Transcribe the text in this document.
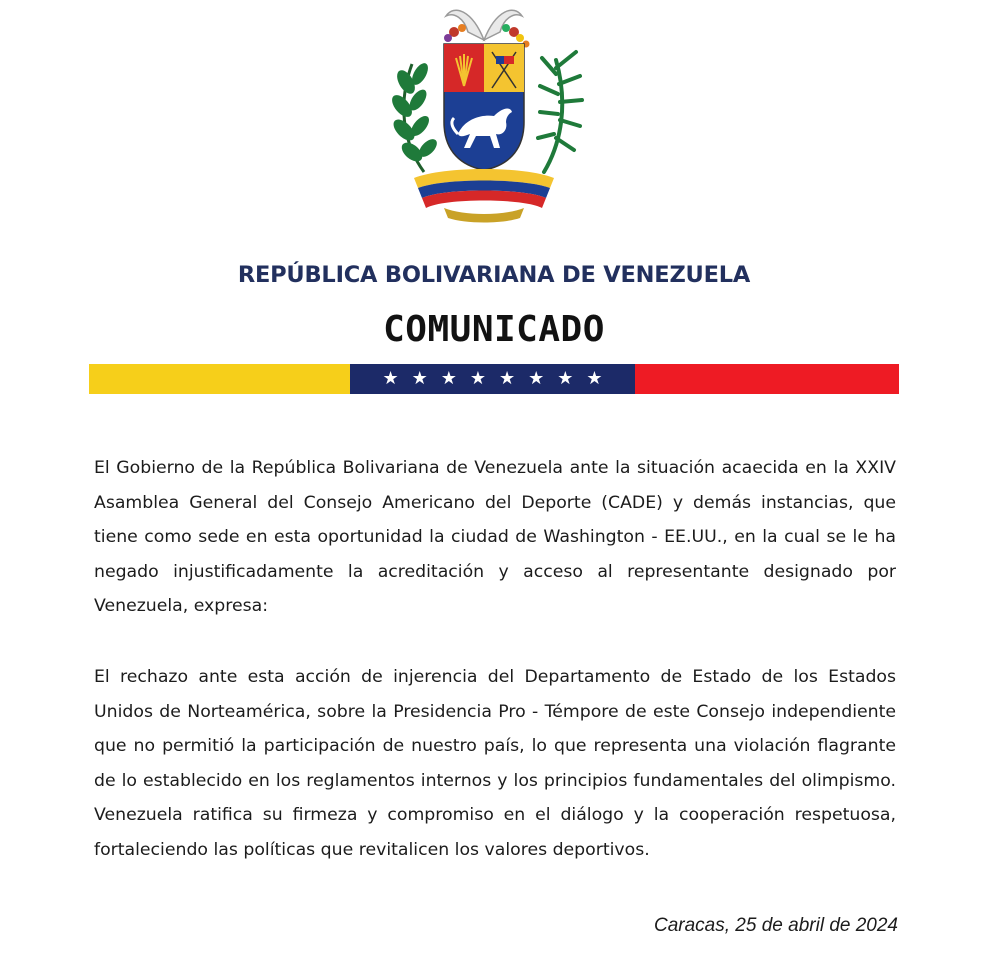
REPÚBLICA BOLIVARIANA DE VENEZUELA
COMUNICADO
★ ★ ★ ★ ★ ★ ★ ★

El Gobierno de la República Bolivariana de Venezuela ante la situación acaecida en la XXIV Asamblea General del Consejo Americano del Deporte (CADE) y demás instancias, que tiene como sede en esta oportunidad la ciudad de Washington - EE.UU., en la cual se le ha negado injustificadamente la acreditación y acceso al representante designado por Venezuela, expresa:

El rechazo ante esta acción de injerencia del Departamento de Estado de los Estados Unidos de Norteamérica, sobre la Presidencia Pro - Témpore de este Consejo independiente que no permitió la participación de nuestro país, lo que representa una violación flagrante de lo establecido en los reglamentos internos y los principios fundamentales del olimpismo. Venezuela ratifica su firmeza y compromiso en el diálogo y la cooperación respetuosa, fortaleciendo las políticas que revitalicen los valores deportivos.

Caracas, 25 de abril de 2024
